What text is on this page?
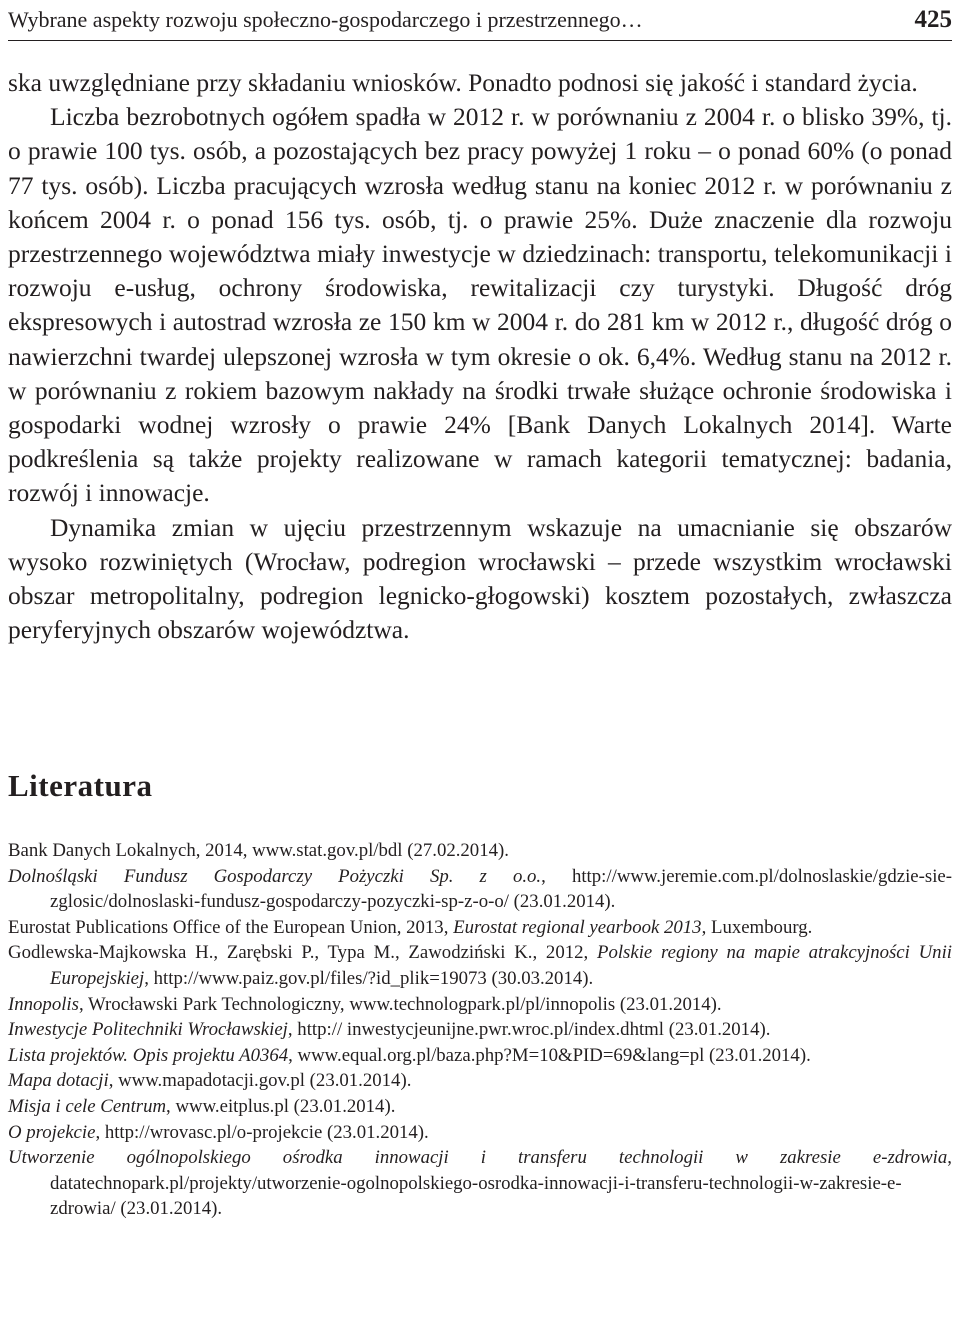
Wybrane aspekty rozwoju społeczno-gospodarczego i przestrzennego…	425

ska uwzględniane przy składaniu wniosków. Ponadto podnosi się jakość i standard życia.

Liczba bezrobotnych ogółem spadła w 2012 r. w porównaniu z 2004 r. o blisko 39%, tj. o prawie 100 tys. osób, a pozostających bez pracy powyżej 1 roku – o ponad 60% (o ponad 77 tys. osób). Liczba pracujących wzrosła według stanu na koniec 2012 r. w porównaniu z końcem 2004 r. o ponad 156 tys. osób, tj. o prawie 25%. Duże znaczenie dla rozwoju przestrzennego województwa miały inwestycje w dziedzinach: transportu, telekomunikacji i rozwoju e-usług, ochrony środowiska, rewitalizacji czy turystyki. Długość dróg ekspresowych i autostrad wzrosła ze 150 km w 2004 r. do 281 km w 2012 r., długość dróg o nawierzchni twardej ulepszonej wzrosła w tym okresie o ok. 6,4%. Według stanu na 2012 r. w porównaniu z rokiem bazowym nakłady na środki trwałe służące ochronie środowiska i gospodarki wodnej wzrosły o prawie 24% [Bank Danych Lokalnych 2014]. Warte podkreślenia są także projekty realizowane w ramach kategorii tematycznej: badania, rozwój i innowacje.

Dynamika zmian w ujęciu przestrzennym wskazuje na umacnianie się obszarów wysoko rozwiniętych (Wrocław, podregion wrocławski – przede wszystkim wrocławski obszar metropolitalny, podregion legnicko-głogowski) kosztem pozostałych, zwłaszcza peryferyjnych obszarów województwa.

Literatura

Bank Danych Lokalnych, 2014, www.stat.gov.pl/bdl (27.02.2014).

Dolnośląski Fundusz Gospodarczy Pożyczki Sp. z o.o., http://www.jeremie.com.pl/dolnoslaskie/gdzie-sie-zglosic/dolnoslaski-fundusz-gospodarczy-pozyczki-sp-z-o-o/ (23.01.2014).

Eurostat Publications Office of the European Union, 2013, Eurostat regional yearbook 2013, Luxembourg.

Godlewska-Majkowska H., Zarębski P., Typa M., Zawodziński K., 2012, Polskie regiony na mapie atrakcyjności Unii Europejskiej, http://www.paiz.gov.pl/files/?id_plik=19073 (30.03.2014).

Innopolis, Wrocławski Park Technologiczny, www.technologpark.pl/pl/innopolis (23.01.2014).

Inwestycje Politechniki Wrocławskiej, http:// inwestycjeunijne.pwr.wroc.pl/index.dhtml (23.01.2014).

Lista projektów. Opis projektu A0364, www.equal.org.pl/baza.php?M=10&PID=69&lang=pl (23.01.2014).

Mapa dotacji, www.mapadotacji.gov.pl (23.01.2014).

Misja i cele Centrum, www.eitplus.pl (23.01.2014).

O projekcie, http://wrovasc.pl/o-projekcie (23.01.2014).

Utworzenie ogólnopolskiego ośrodka innowacji i transferu technologii w zakresie e-zdrowia, datatechnopark.pl/projekty/utworzenie-ogolnopolskiego-osrodka-innowacji-i-transferu-technologii-w-zakresie-e-zdrowia/ (23.01.2014).
